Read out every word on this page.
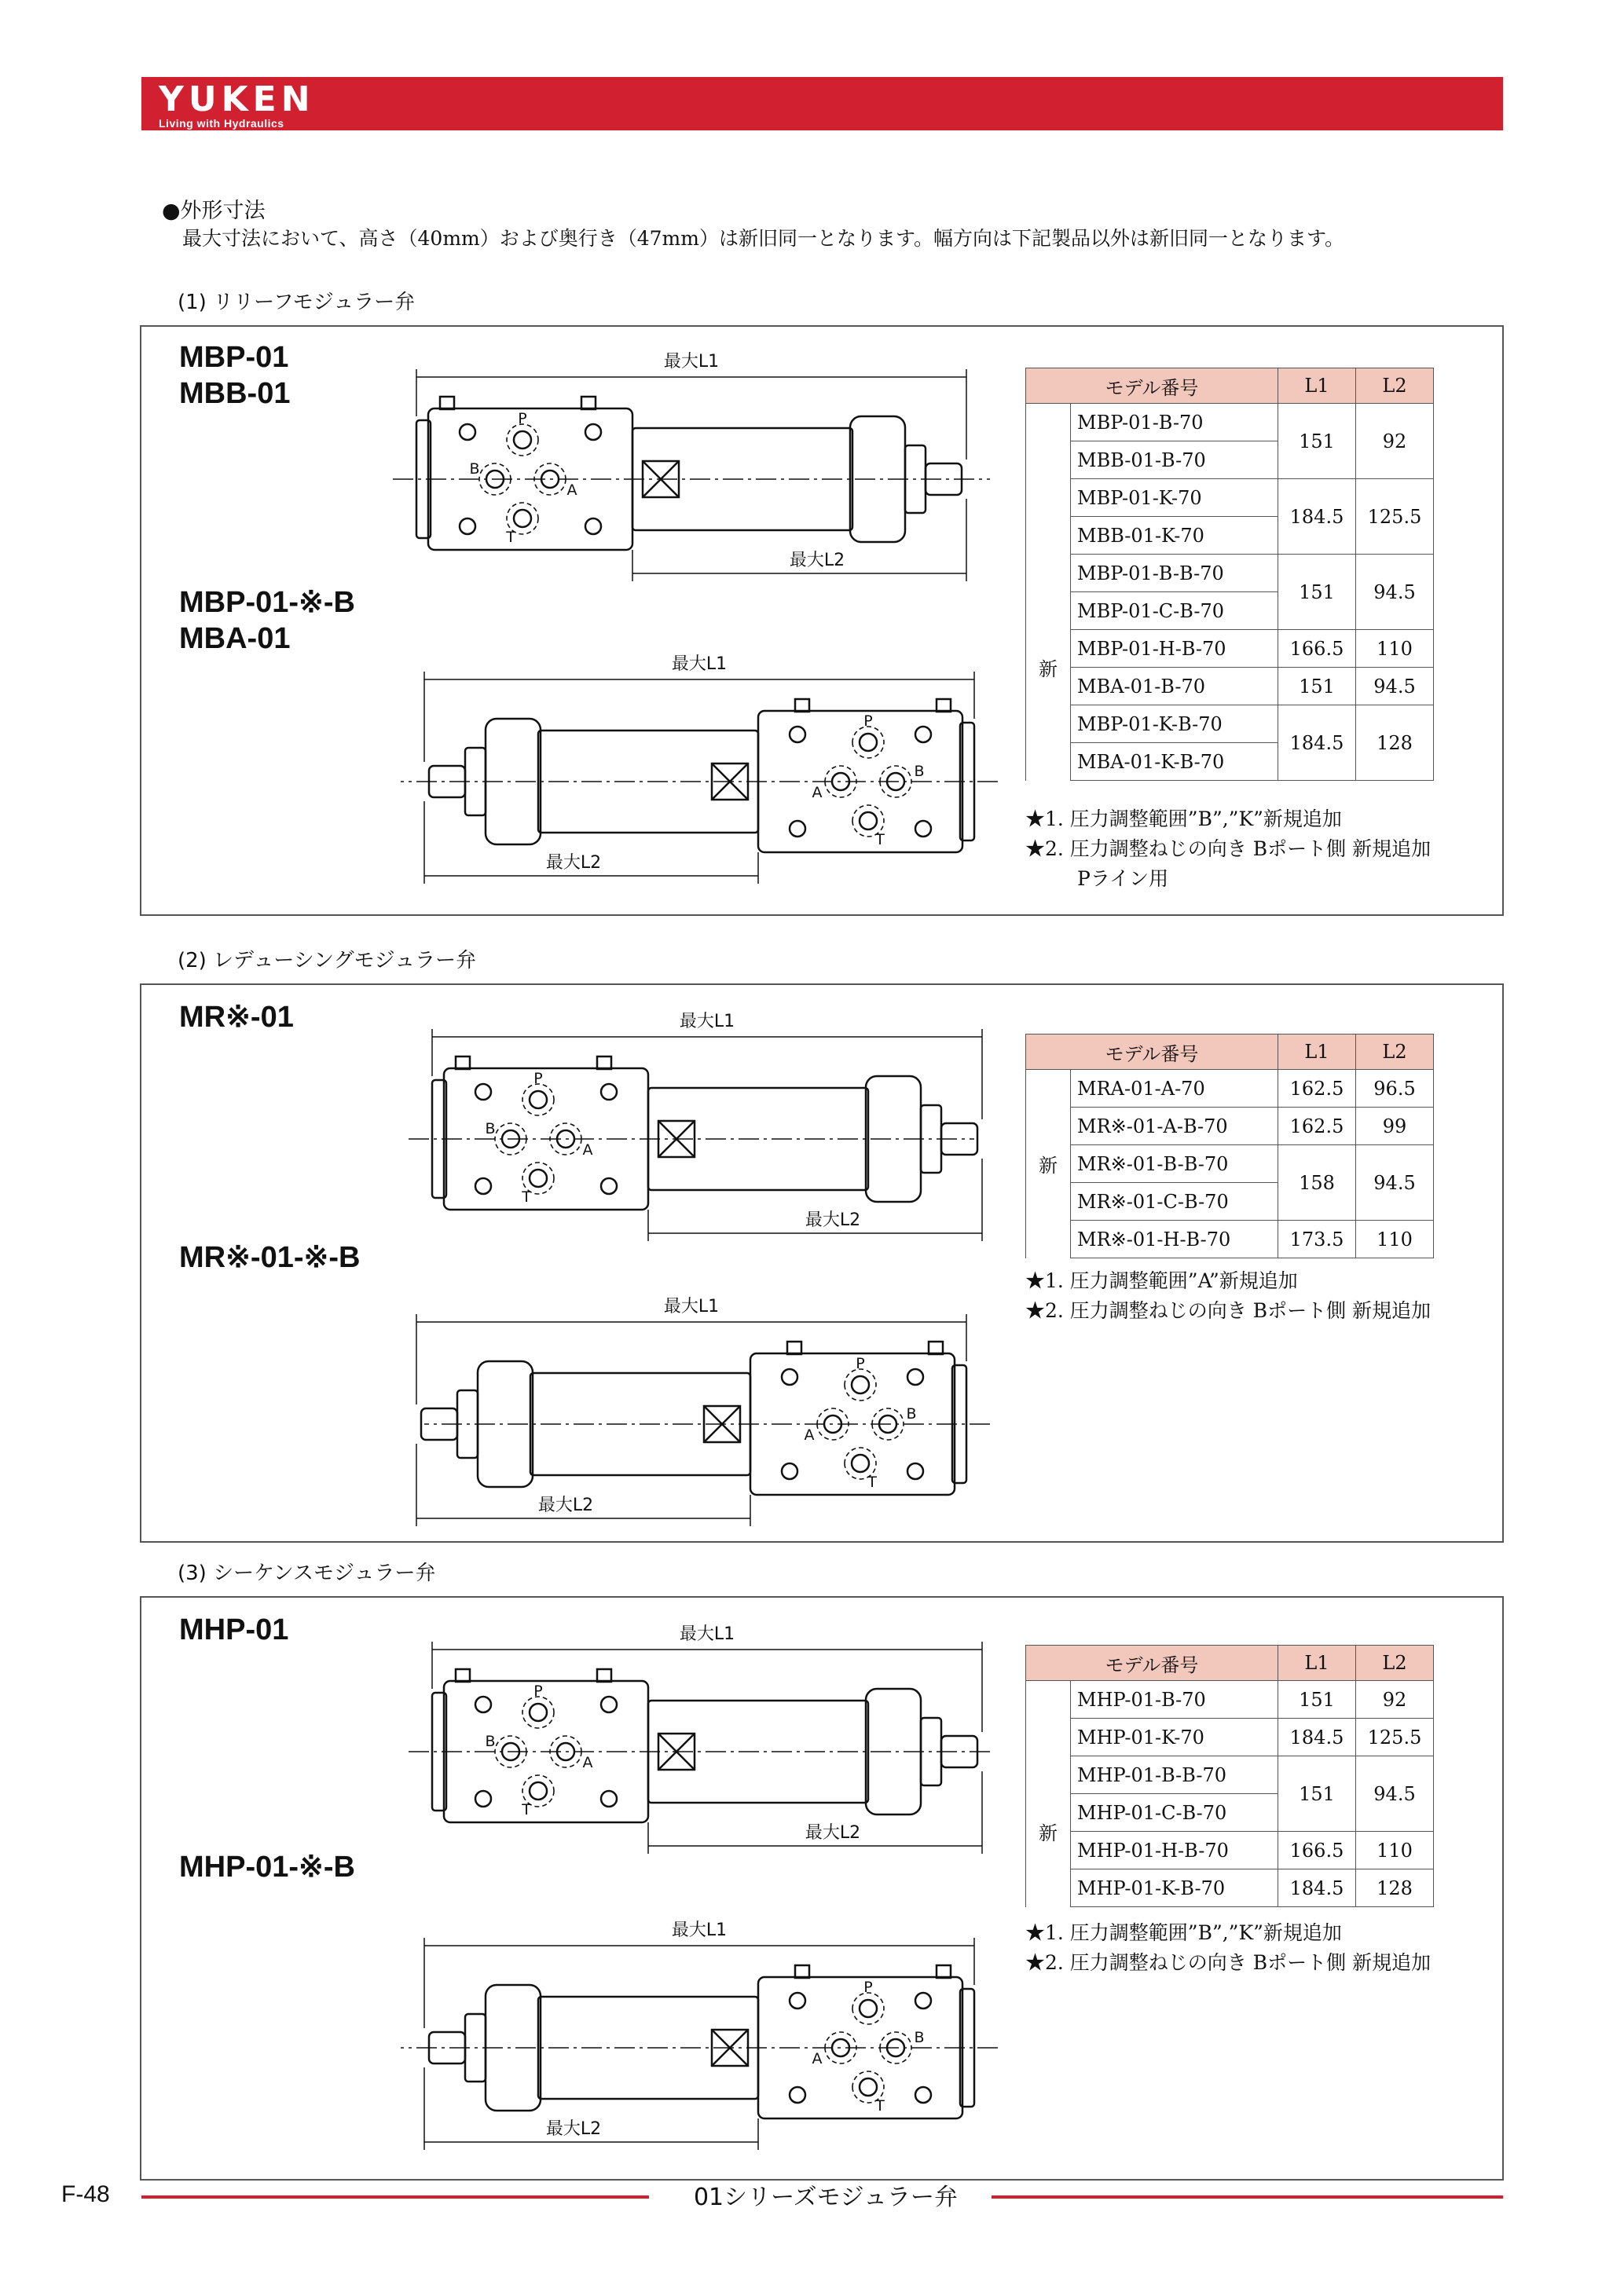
YUKEN
Living with Hydraulics
●外形寸法
最大寸法において、高さ（40mm）および奥行き（47mm）は新旧同一となります。幅方向は下記製品以外は新旧同一となります。
(1) リリーフモジュラー弁
MBP-01
MBB-01
MBP-01-※-B
MBA-01
最大L1
最大L2
P
B
A
T
最大L1
最大L2
P
B
A
T
モデル番号		L1	L2
	MBP-01-B-70	151	92
	MBB-01-B-70		
	MBP-01-K-70	184.5	125.5
	MBB-01-K-70		
新	MBP-01-B-B-70	151	94.5
	MBP-01-C-B-70		
	MBP-01-H-B-70	166.5	110
	MBA-01-B-70	151	94.5
	MBP-01-K-B-70	184.5	128
	MBA-01-K-B-70		
★1. 圧力調整範囲”B”,”K”新規追加
★2. 圧力調整ねじの向き Bポート側 新規追加
Pライン用
(2) レデューシングモジュラー弁
MR※-01
MR※-01-※-B
最大L1
最大L2
P
B
A
T
最大L1
最大L2
P
B
A
T
モデル番号		L1	L2
新	MRA-01-A-70	162.5	96.5
	MR※-01-A-B-70	162.5	99
	MR※-01-B-B-70	158	94.5
	MR※-01-C-B-70		
	MR※-01-H-B-70	173.5	110
★1. 圧力調整範囲”A”新規追加
★2. 圧力調整ねじの向き Bポート側 新規追加
(3) シーケンスモジュラー弁
MHP-01
MHP-01-※-B
最大L1
最大L2
P
B
A
T
最大L1
最大L2
P
B
A
T
モデル番号		L1	L2
	MHP-01-B-70	151	92
	MHP-01-K-70	184.5	125.5
新	MHP-01-B-B-70	151	94.5
	MHP-01-C-B-70		
	MHP-01-H-B-70	166.5	110
	MHP-01-K-B-70	184.5	128
★1. 圧力調整範囲”B”,”K”新規追加
★2. 圧力調整ねじの向き Bポート側 新規追加
F-48	01シリーズモジュラー弁
